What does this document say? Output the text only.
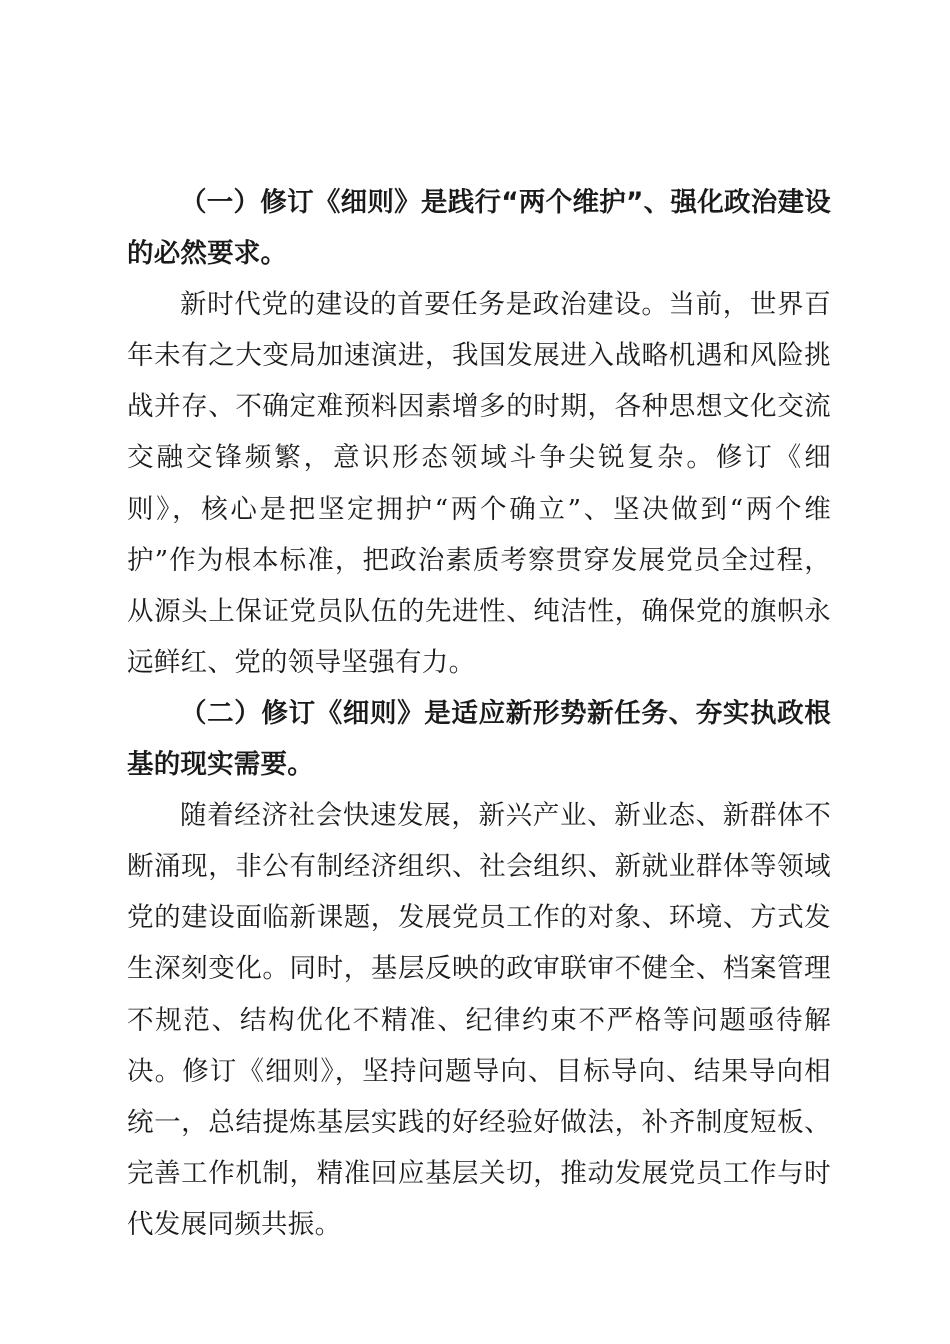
（一）修订《细则》是践行“两个维护”、强化政治建设的必然要求。

新时代党的建设的首要任务是政治建设。当前，世界百年未有之大变局加速演进，我国发展进入战略机遇和风险挑战并存、不确定难预料因素增多的时期，各种思想文化交流交融交锋频繁，意识形态领域斗争尖锐复杂。修订《细则》，核心是把坚定拥护“两个确立”、坚决做到“两个维护”作为根本标准，把政治素质考察贯穿发展党员全过程，从源头上保证党员队伍的先进性、纯洁性，确保党的旗帜永远鲜红、党的领导坚强有力。

（二）修订《细则》是适应新形势新任务、夯实执政根基的现实需要。

随着经济社会快速发展，新兴产业、新业态、新群体不断涌现，非公有制经济组织、社会组织、新就业群体等领域党的建设面临新课题，发展党员工作的对象、环境、方式发生深刻变化。同时，基层反映的政审联审不健全、档案管理不规范、结构优化不精准、纪律约束不严格等问题亟待解决。修订《细则》，坚持问题导向、目标导向、结果导向相统一，总结提炼基层实践的好经验好做法，补齐制度短板、完善工作机制，精准回应基层关切，推动发展党员工作与时代发展同频共振。
